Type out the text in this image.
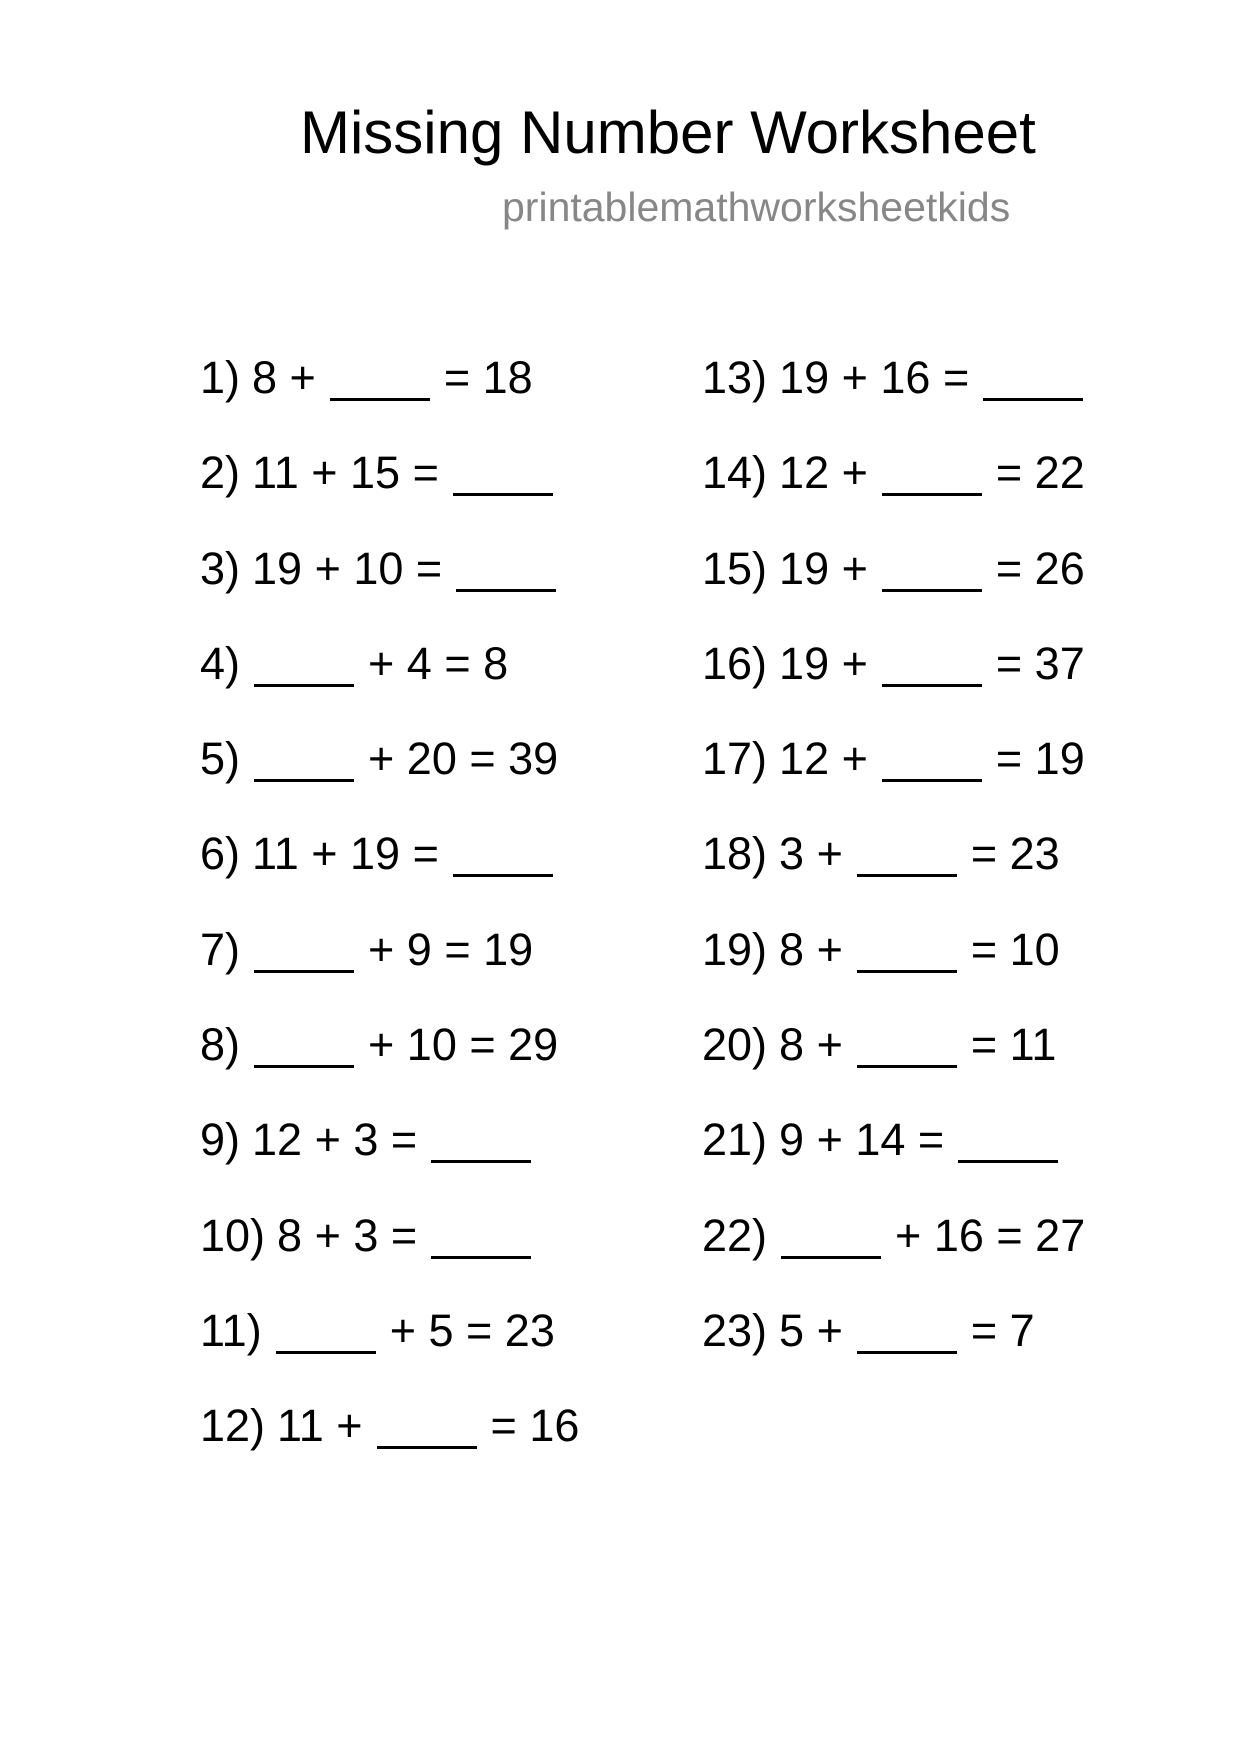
Missing Number Worksheet
printablemathworksheetkids
1) 8 +	= 18
2) 11 + 15 =
3) 19 + 10 =
4)	+ 4 = 8
5)	+ 20 = 39
6) 11 + 19 =
7)	+ 9 = 19
8)	+ 10 = 29
9) 12 + 3 =
10) 8 + 3 =
11)	+ 5 = 23
12) 11 +	= 16
13) 19 + 16 =
14) 12 +	= 22
15) 19 +	= 26
16) 19 +	= 37
17) 12 +	= 19
18) 3 +	= 23
19) 8 +	= 10
20) 8 +	= 11
21) 9 + 14 =
22)	+ 16 = 27
23) 5 +	= 7
